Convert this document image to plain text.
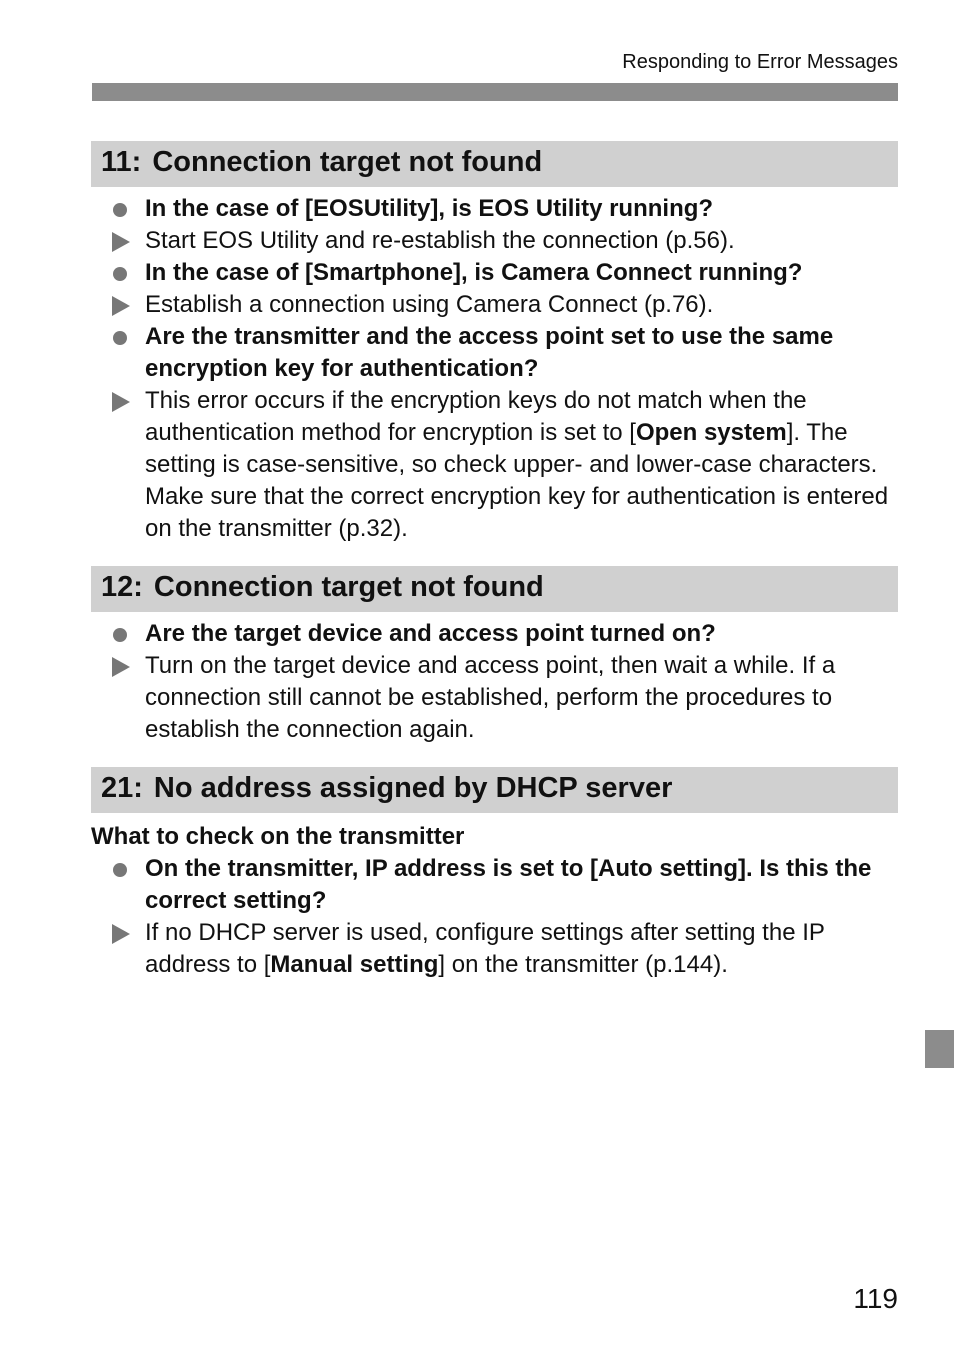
Responding to Error Messages
11: Connection target not found
In the case of [EOSUtility], is EOS Utility running?
Start EOS Utility and re-establish the connection (p.56).
In the case of [Smartphone], is Camera Connect running?
Establish a connection using Camera Connect (p.76).
Are the transmitter and the access point set to use the same encryption key for authentication?
This error occurs if the encryption keys do not match when the authentication method for encryption is set to [Open system]. The setting is case-sensitive, so check upper- and lower-case characters. Make sure that the correct encryption key for authentication is entered on the transmitter (p.32).
12: Connection target not found
Are the target device and access point turned on?
Turn on the target device and access point, then wait a while. If a connection still cannot be established, perform the procedures to establish the connection again.
21: No address assigned by DHCP server
What to check on the transmitter
On the transmitter, IP address is set to [Auto setting]. Is this the correct setting?
If no DHCP server is used, configure settings after setting the IP address to [Manual setting] on the transmitter (p.144).
119
